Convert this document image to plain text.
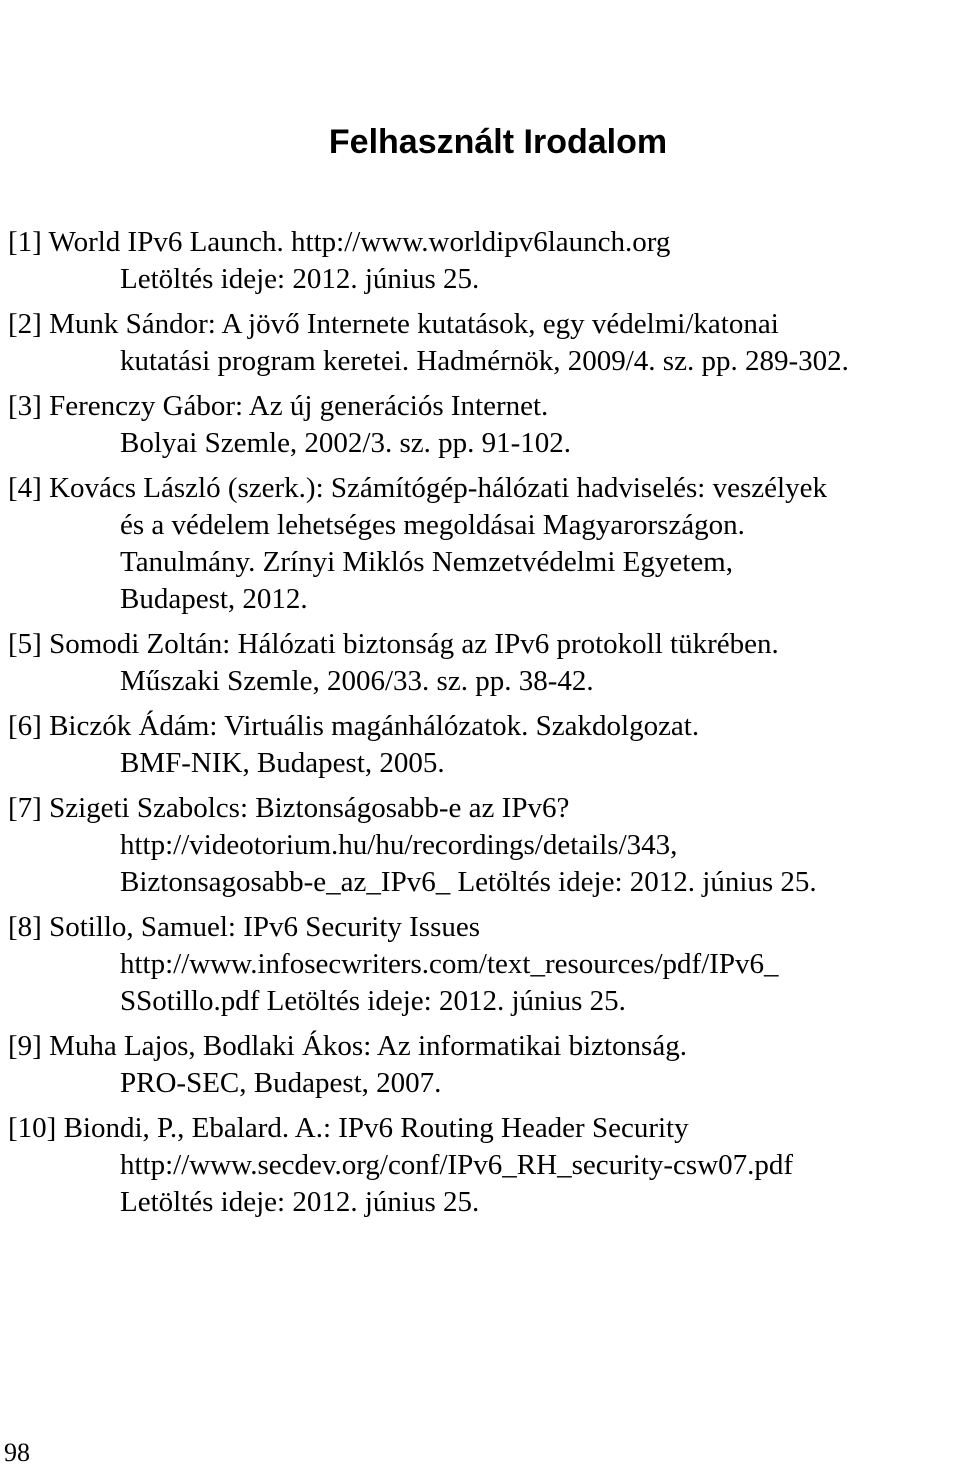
Felhasznált Irodalom
[1] World IPv6 Launch. http://www.worldipv6launch.org
Letöltés ideje: 2012. június 25.
[2] Munk Sándor: A jövő Internete kutatások, egy védelmi/katonai
kutatási program keretei. Hadmérnök, 2009/4. sz. pp. 289-302.
[3] Ferenczy Gábor: Az új generációs Internet.
Bolyai Szemle, 2002/3. sz. pp. 91-102.
[4] Kovács László (szerk.): Számítógép-hálózati hadviselés: veszélyek
és a védelem lehetséges megoldásai Magyarországon.
Tanulmány. Zrínyi Miklós Nemzetvédelmi Egyetem,
Budapest, 2012.
[5] Somodi Zoltán: Hálózati biztonság az IPv6 protokoll tükrében.
Műszaki Szemle, 2006/33. sz. pp. 38-42.
[6] Biczók Ádám: Virtuális magánhálózatok. Szakdolgozat.
BMF-NIK, Budapest, 2005.
[7] Szigeti Szabolcs: Biztonságosabb-e az IPv6?
http://videotorium.hu/hu/recordings/details/343,
Biztonsagosabb-e_az_IPv6_ Letöltés ideje: 2012. június 25.
[8] Sotillo, Samuel: IPv6 Security Issues
http://www.infosecwriters.com/text_resources/pdf/IPv6_
SSotillo.pdf Letöltés ideje: 2012. június 25.
[9] Muha Lajos, Bodlaki Ákos: Az informatikai biztonság.
PRO-SEC, Budapest, 2007.
[10] Biondi, P., Ebalard. A.: IPv6 Routing Header Security
http://www.secdev.org/conf/IPv6_RH_security-csw07.pdf
Letöltés ideje: 2012. június 25.
98
